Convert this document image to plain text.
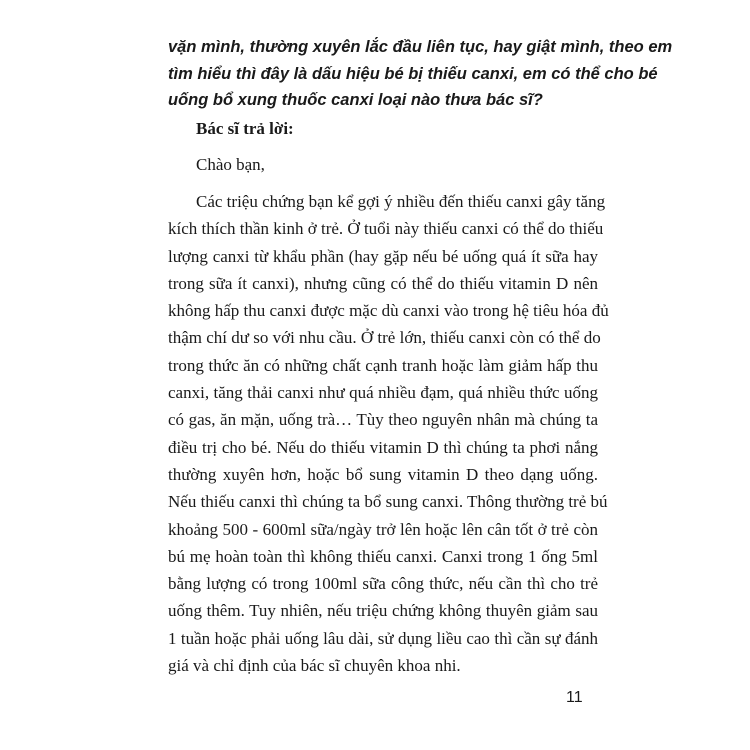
vặn mình, thường xuyên lắc đầu liên tục, hay giật mình, theo em
tìm hiểu thì đây là dấu hiệu bé bị thiếu canxi, em có thể cho bé
uống bổ xung thuốc canxi loại nào thưa bác sĩ?

Bác sĩ trả lời:

Chào bạn,

Các triệu chứng bạn kể gợi ý nhiều đến thiếu canxi gây tăng
kích thích thần kinh ở trẻ. Ở tuổi này thiếu canxi có thể do thiếu
lượng canxi từ khẩu phần (hay gặp nếu bé uống quá ít sữa hay
trong sữa ít canxi), nhưng cũng có thể do thiếu vitamin D nên
không hấp thu canxi được mặc dù canxi vào trong hệ tiêu hóa đủ
thậm chí dư so với nhu cầu. Ở trẻ lớn, thiếu canxi còn có thể do
trong thức ăn có những chất cạnh tranh hoặc làm giảm hấp thu
canxi, tăng thải canxi như quá nhiều đạm, quá nhiều thức uống
có gas, ăn mặn, uống trà… Tùy theo nguyên nhân mà chúng ta
điều trị cho bé. Nếu do thiếu vitamin D thì chúng ta phơi nắng
thường xuyên hơn, hoặc bổ sung vitamin D theo dạng uống.
Nếu thiếu canxi thì chúng ta bổ sung canxi. Thông thường trẻ bú
khoảng 500 - 600ml sữa/ngày trở lên hoặc lên cân tốt ở trẻ còn
bú mẹ hoàn toàn thì không thiếu canxi. Canxi trong 1 ống 5ml
bằng lượng có trong 100ml sữa công thức, nếu cần thì cho trẻ
uống thêm. Tuy nhiên, nếu triệu chứng không thuyên giảm sau
1 tuần hoặc phải uống lâu dài, sử dụng liều cao thì cần sự đánh
giá và chỉ định của bác sĩ chuyên khoa nhi.

11
